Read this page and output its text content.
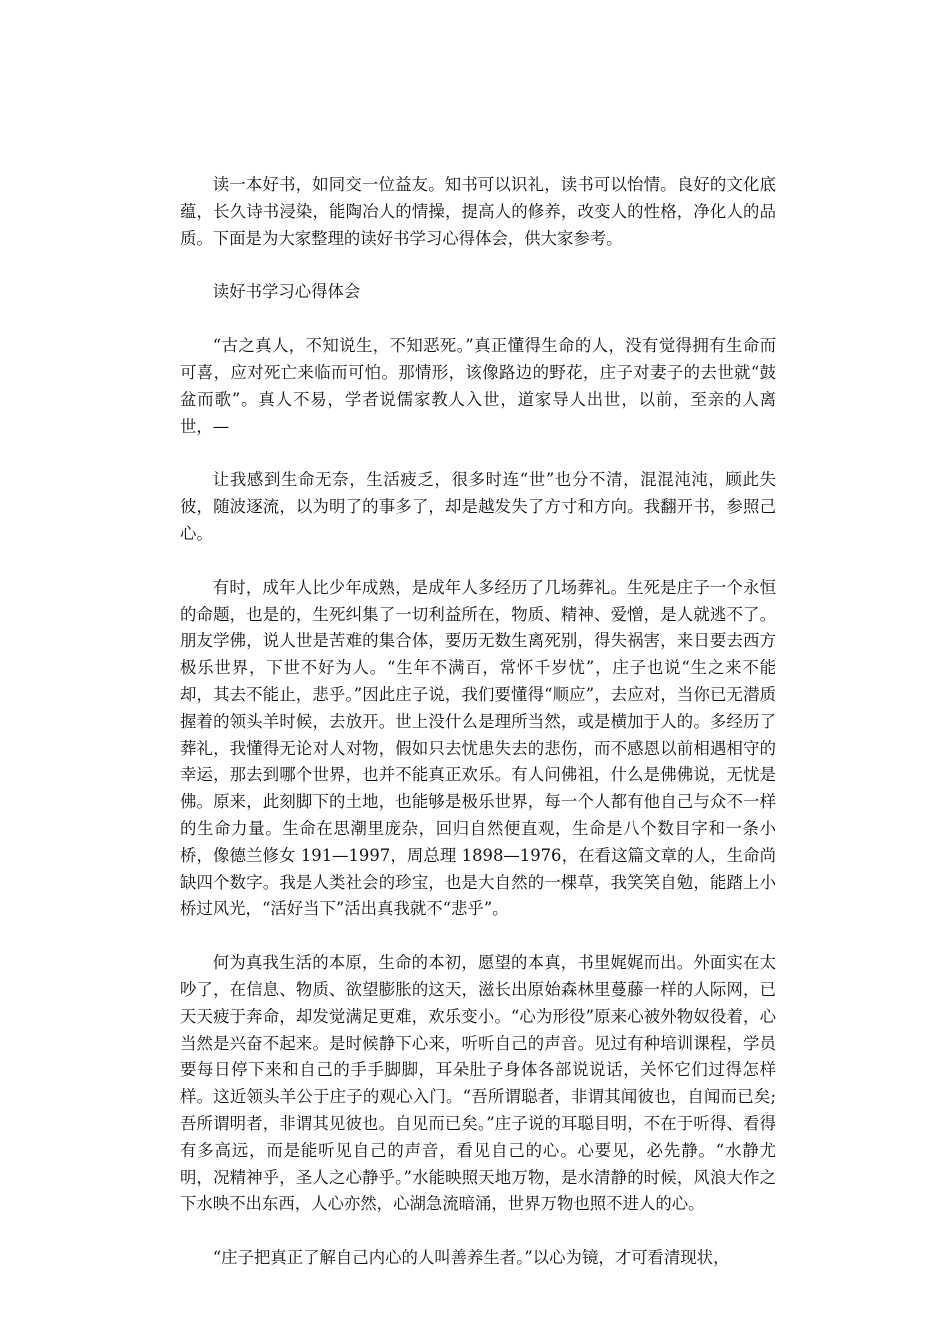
读一本好书，如同交一位益友。知书可以识礼，读书可以怡情。良好的文化底蕴，长久诗书浸染，能陶冶人的情操，提高人的修养，改变人的性格，净化人的品质。下面是为大家整理的读好书学习心得体会，供大家参考。

读好书学习心得体会

“古之真人，不知说生，不知恶死。”真正懂得生命的人，没有觉得拥有生命而可喜，应对死亡来临而可怕。那情形，该像路边的野花，庄子对妻子的去世就“鼓盆而歌”。真人不易，学者说儒家教人入世，道家导人出世，以前，至亲的人离世，—

让我感到生命无奈，生活疲乏，很多时连“世”也分不清，混混沌沌，顾此失彼，随波逐流，以为明了的事多了，却是越发失了方寸和方向。我翻开书，参照己心。

有时，成年人比少年成熟，是成年人多经历了几场葬礼。生死是庄子一个永恒的命题，也是的，生死纠集了一切利益所在，物质、精神、爱憎，是人就逃不了。朋友学佛，说人世是苦难的集合体，要历无数生离死别，得失祸害，来日要去西方极乐世界，下世不好为人。“生年不满百，常怀千岁忧”，庄子也说“生之来不能却，其去不能止，悲乎。”因此庄子说，我们要懂得“顺应”，去应对，当你已无潜质握着的领头羊时候，去放开。世上没什么是理所当然，或是横加于人的。多经历了葬礼，我懂得无论对人对物，假如只去忧患失去的悲伤，而不感恩以前相遇相守的幸运，那去到哪个世界，也并不能真正欢乐。有人问佛祖，什么是佛佛说，无忧是佛。原来，此刻脚下的土地，也能够是极乐世界，每一个人都有他自己与众不一样的生命力量。生命在思潮里庞杂，回归自然便直观，生命是八个数目字和一条小桥，像德兰修女 191—1997，周总理 1898—1976，在看这篇文章的人，生命尚缺四个数字。我是人类社会的珍宝，也是大自然的一棵草，我笑笑自勉，能踏上小桥过风光，“活好当下”活出真我就不“悲乎”。

何为真我生活的本原，生命的本初，愿望的本真，书里娓娓而出。外面实在太吵了，在信息、物质、欲望膨胀的这天，滋长出原始森林里蔓藤一样的人际网，已天天疲于奔命，却发觉满足更难，欢乐变小。“心为形役”原来心被外物奴役着，心当然是兴奋不起来。是时候静下心来，听听自己的声音。见过有种培训课程，学员要每日停下来和自己的手手脚脚，耳朵肚子身体各部说说话，关怀它们过得怎样样。这近领头羊公于庄子的观心入门。“吾所谓聪者，非谓其闻彼也，自闻而已矣;吾所谓明者，非谓其见彼也。自见而已矣。”庄子说的耳聪目明，不在于听得、看得有多高远，而是能听见自己的声音，看见自己的心。心要见，必先静。“水静尤明，况精神乎，圣人之心静乎。”水能映照天地万物，是水清静的时候，风浪大作之下水映不出东西，人心亦然，心湖急流暗涌，世界万物也照不进人的心。

“庄子把真正了解自己内心的人叫善养生者。”以心为镜，才可看清现状，
